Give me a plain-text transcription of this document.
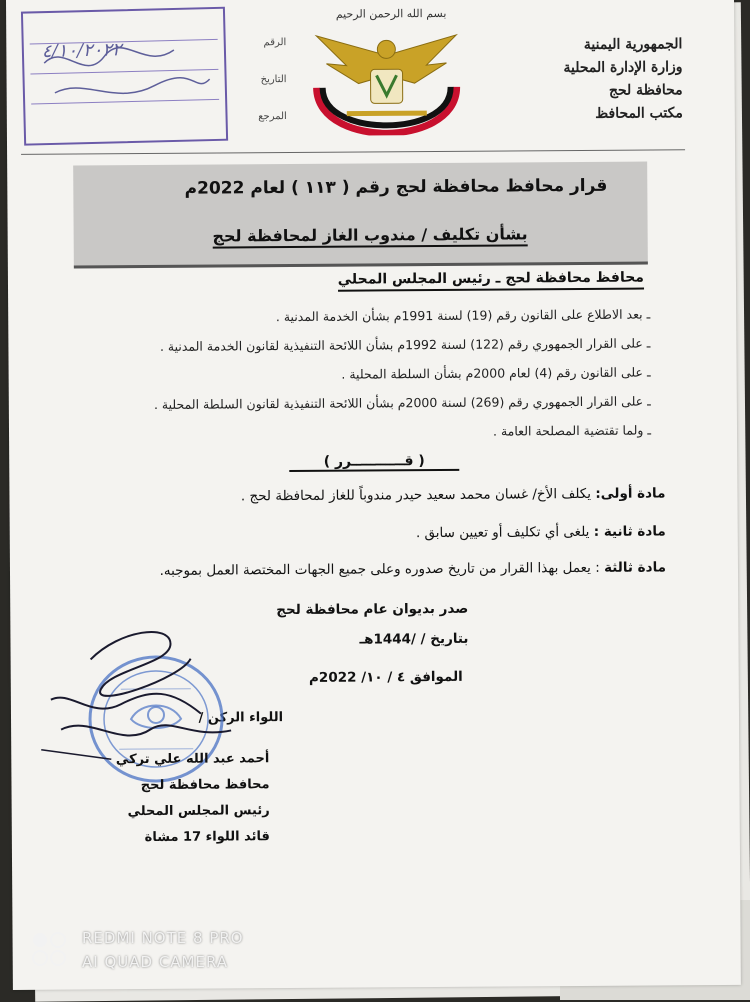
٤/١٠/٢٠٢٢	الرقم
التاريخ
المرجع
بسم الله الرحمن الرحيم
الجمهورية اليمنية
وزارة الإدارة المحلية
محافظة لحج
مكتب المحافظ
قرار محافظ محافظة لحج رقم ( ١١٣ ) لعام 2022م
بشأن تكليف / مندوب الغاز لمحافظة لحج
محافظ محافظة لحج ـ رئيس المجلس المحلي
ـ بعد الاطلاع على القانون رقم (19) لسنة 1991م بشأن الخدمة المدنية .
ـ على القرار الجمهوري رقم (122) لسنة 1992م بشأن اللائحة التنفيذية لقانون الخدمة المدنية .
ـ على القانون رقم (4) لعام 2000م بشأن السلطة المحلية .
ـ على القرار الجمهوري رقم (269) لسنة 2000م بشأن اللائحة التنفيذية لقانون السلطة المحلية .
ـ ولما تقتضية المصلحة العامة .
( قـــــــــــرر )
مادة أولى: يكلف الأخ/ غسان محمد سعيد حيدر مندوباً للغاز لمحافظة لحج .
مادة ثانية : يلغى أي تكليف أو تعيين سابق .
مادة ثالثة : يعمل بهذا القرار من تاريخ صدوره وعلى جميع الجهات المختصة العمل بموجبه.
صدر بديوان عام محافظة لحج
بتاريخ / /1444هـ
الموافق ٤ / ١٠/ 2022م
اللواء الركن /
أحمد عبد الله علي تركي
محافظ محافظة لحج
رئيس المجلس المحلي
قائد اللواء 17 مشاة
REDMI NOTE 8 PRO
AI QUAD CAMERA
